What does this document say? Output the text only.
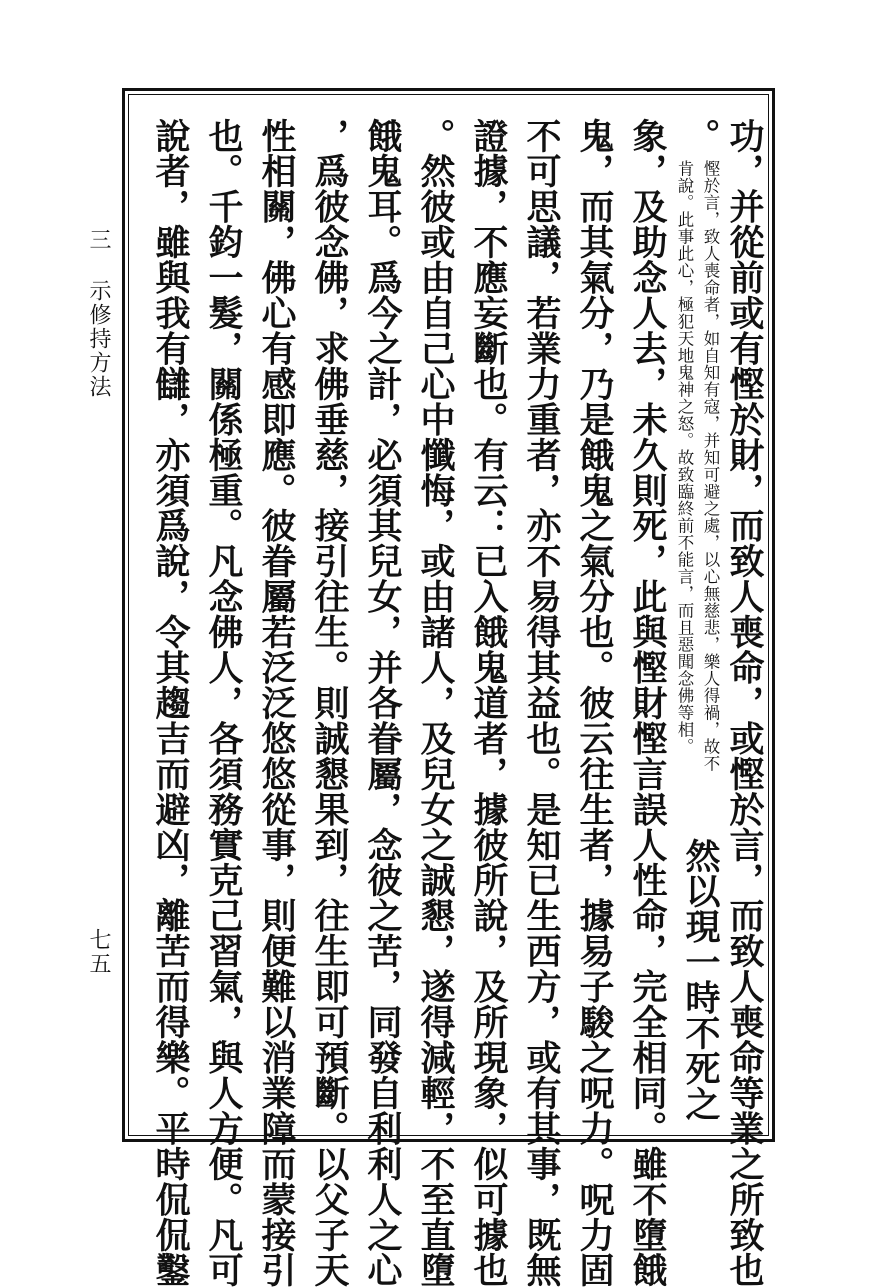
三 示修持方法
七五	功，并從前或有慳於財，而致人喪命，或慳於言，而致人喪命等業之所致也
。
慳於言，致人喪命者，如自知有寇，并知可避之處，以心無慈悲，樂人得禍，故不
肯說。此事此心，極犯天地鬼神之怒。故致臨終前不能言，而且惡聞念佛等相。
然以現一時不死之
象，及助念人去，未久則死，此與慳財慳言誤人性命，完全相同。雖不墮餓
鬼，而其氣分，乃是餓鬼之氣分也。彼云往生者，據易子駿之呪力。呪力固
不可思議，若業力重者，亦不易得其益也。是知已生西方，或有其事，既無
證據，不應妄斷也。有云：已入餓鬼道者，據彼所說，及所現象，似可據也
。然彼或由自己心中懺悔，或由諸人，及兒女之誠懇，遂得減輕，不至直墮
餓鬼耳。爲今之計，必須其兒女，并各眷屬，念彼之苦，同發自利利人之心
，爲彼念佛，求佛垂慈，接引往生。則誠懇果到，往生即可預斷。以父子天
性相關，佛心有感即應。彼眷屬若泛泛悠悠從事，則便難以消業障而蒙接引
也。千鈞一髮，關係極重。凡念佛人，各須務實克己習氣，與人方便。凡可
說者，雖與我有讎，亦須爲說，令其趨吉而避凶，離苦而得樂。平時侃侃鑿
